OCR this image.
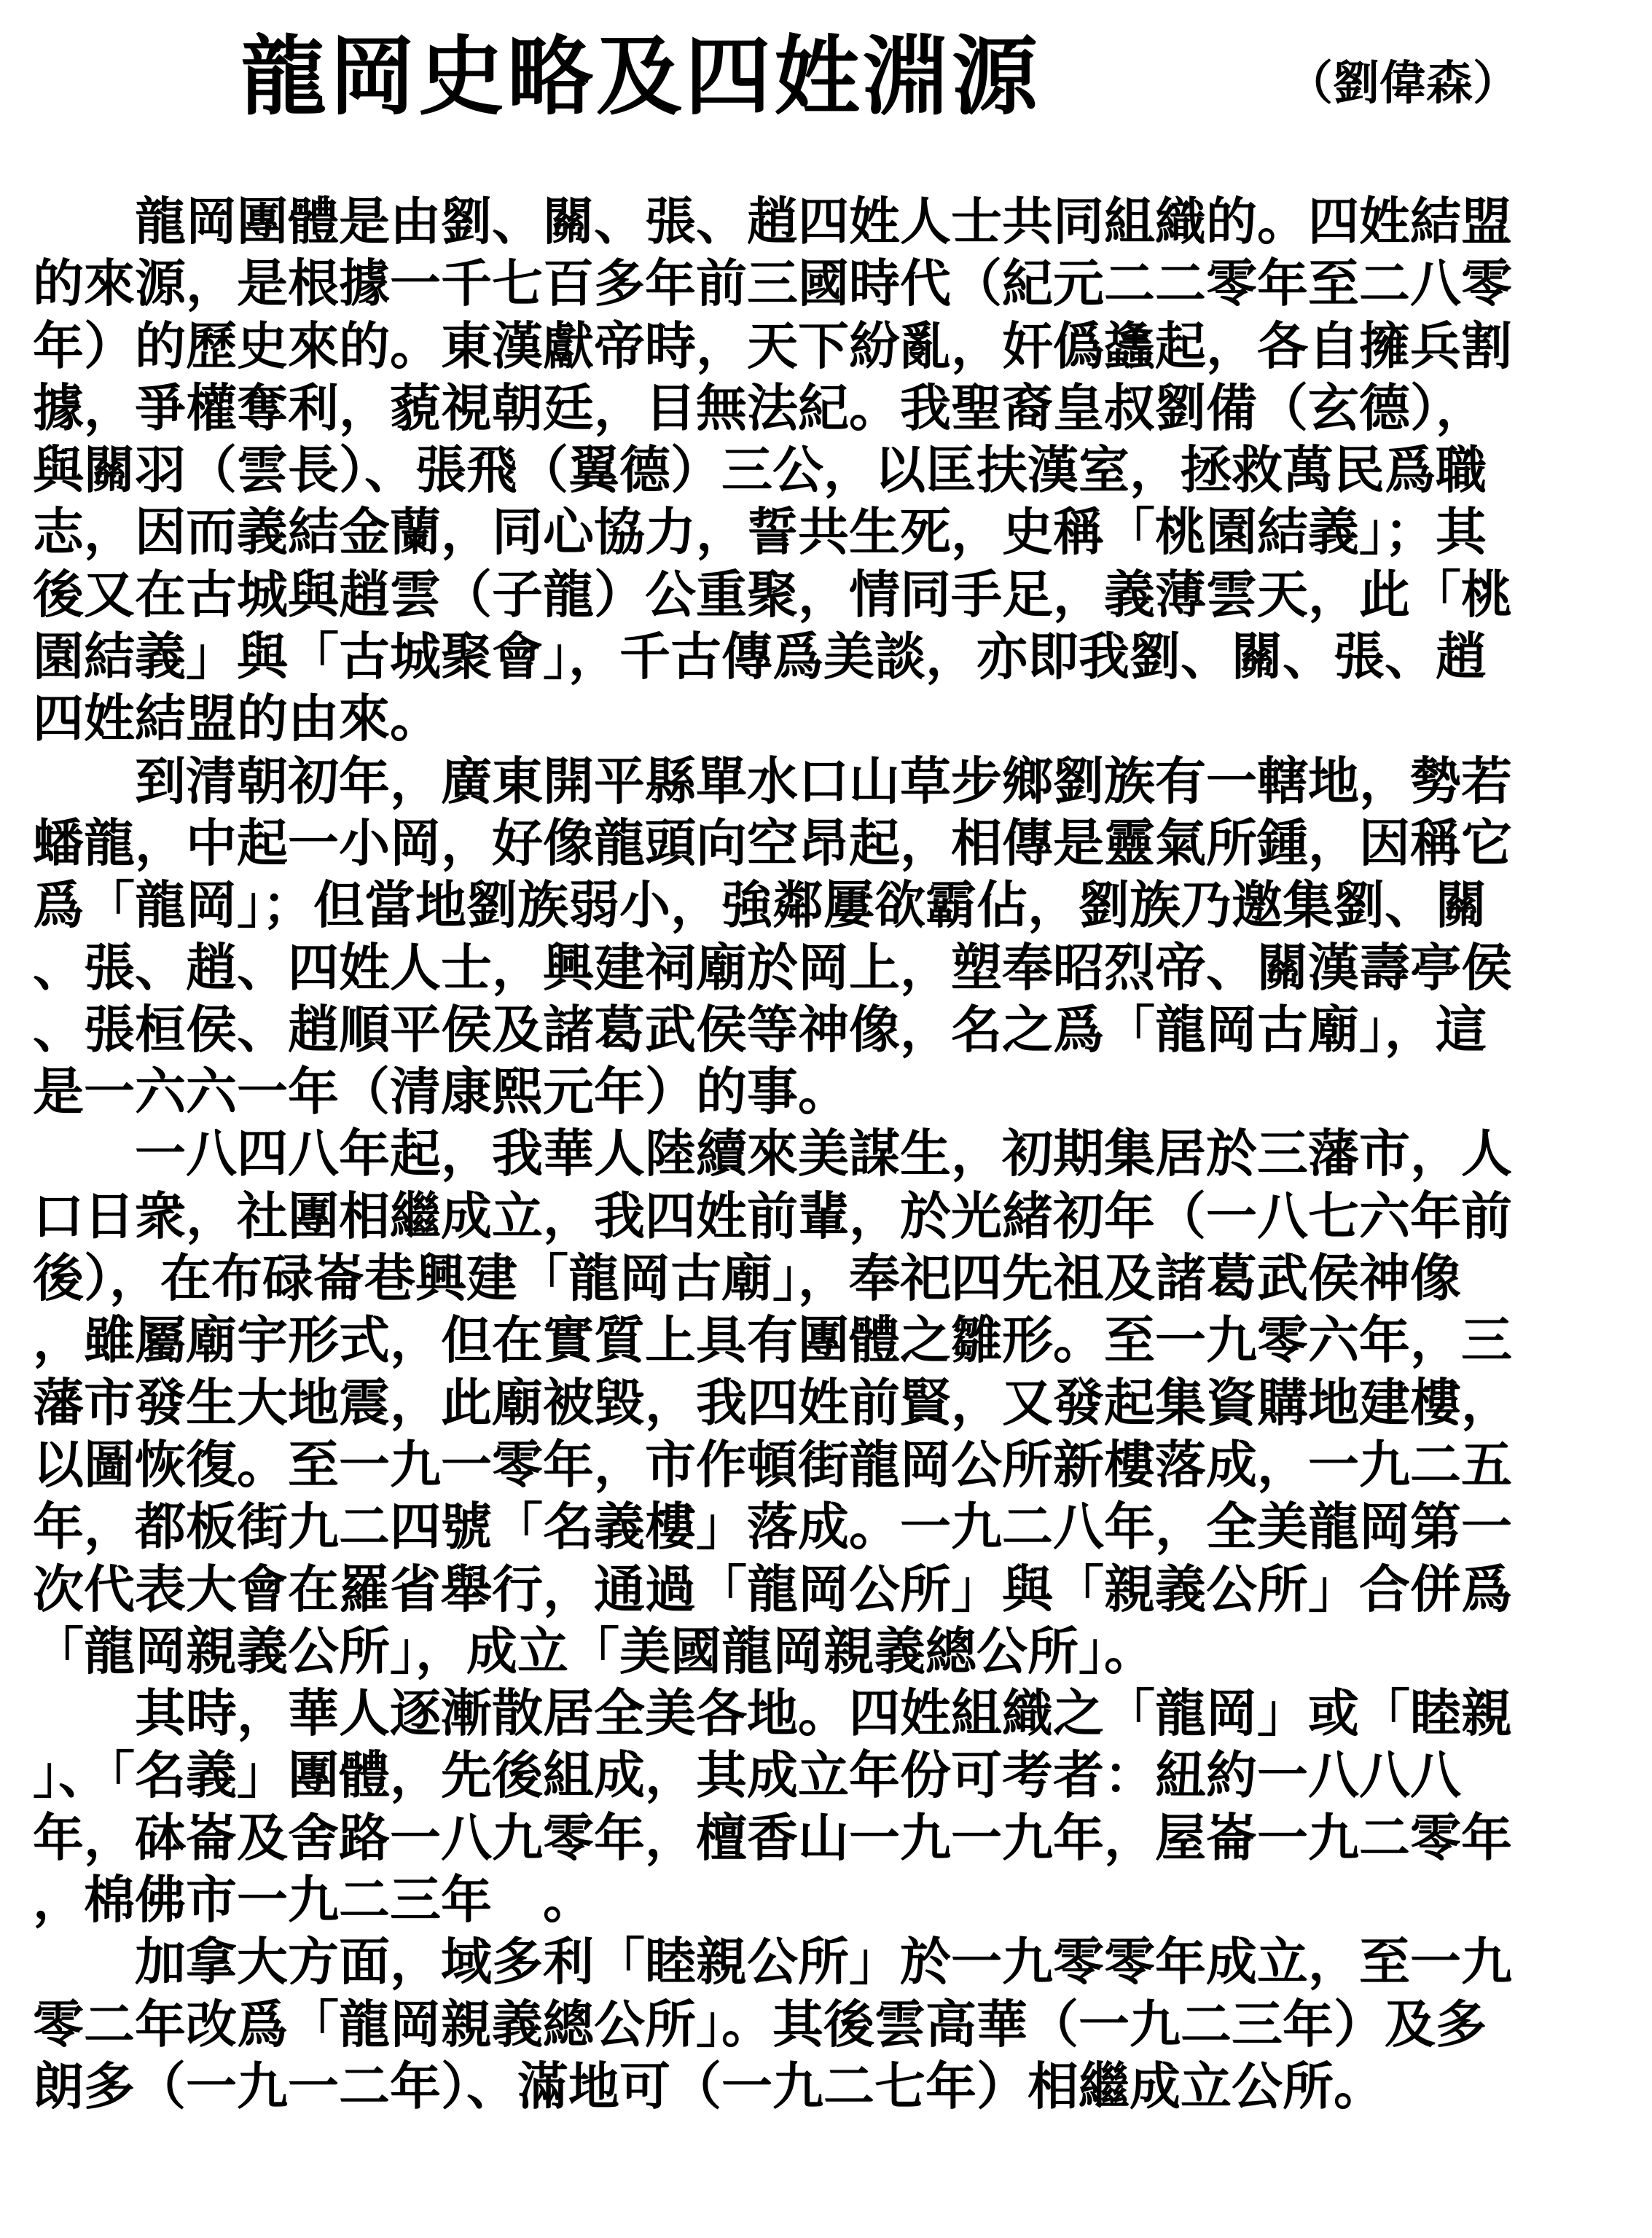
龍岡史略及四姓淵源	（劉偉森）
龍岡團體是由劉、關、張、趙四姓人士共同組織的。四姓結盟
的來源，是根據一千七百多年前三國時代（紀元二二零年至二八零
年）的歷史來的。東漢獻帝時，天下紛亂，奸僞蠭起，各自擁兵割
據，爭權奪利，藐視朝廷，目無法紀。我聖裔皇叔劉備（玄德），
與關羽（雲長）、張飛（翼德）三公，以匡扶漢室，拯救萬民爲職
志，因而義結金蘭，同心協力，誓共生死，史稱「桃園結義」；其
後又在古城與趙雲（子龍）公重聚，情同手足，義薄雲天，此「桃
園結義」與「古城聚會」，千古傳爲美談，亦即我劉、關、張、趙
四姓結盟的由來。
到清朝初年，廣東開平縣單水口山草步鄉劉族有一轄地，勢若
蟠龍，中起一小岡，好像龍頭向空昂起，相傳是靈氣所鍾，因稱它
爲「龍岡」；但當地劉族弱小，強鄰屢欲霸佔，劉族乃邀集劉、關
、張、趙、四姓人士，興建祠廟於岡上，塑奉昭烈帝、關漢壽亭侯
、張桓侯、趙順平侯及諸葛武侯等神像，名之爲「龍岡古廟」，這
是一六六一年（清康熙元年）的事。
一八四八年起，我華人陸續來美謀生，初期集居於三藩市，人
口日衆，社團相繼成立，我四姓前輩，於光緒初年（一八七六年前
後），在布碌崙巷興建「龍岡古廟」，奉祀四先祖及諸葛武侯神像
，雖屬廟宇形式，但在實質上具有團體之雛形。至一九零六年，三
藩市發生大地震，此廟被毀，我四姓前賢，又發起集資購地建樓，
以圖恢復。至一九一零年，市作頓街龍岡公所新樓落成，一九二五
年，都板街九二四號「名義樓」落成。一九二八年，全美龍岡第一
次代表大會在羅省舉行，通過「龍岡公所」與「親義公所」合併爲
「龍岡親義公所」，成立「美國龍岡親義總公所」。
其時，華人逐漸散居全美各地。四姓組織之「龍岡」或「睦親
」、「名義」團體，先後組成，其成立年份可考者：紐約一八八八
年，砵崙及舍路一八九零年，檀香山一九一九年，屋崙一九二零年
，棉佛市一九二三年　。
加拿大方面，域多利「睦親公所」於一九零零年成立，至一九
零二年改爲「龍岡親義總公所」。其後雲高華（一九二三年）及多
朗多（一九一二年）、滿地可（一九二七年）相繼成立公所。
